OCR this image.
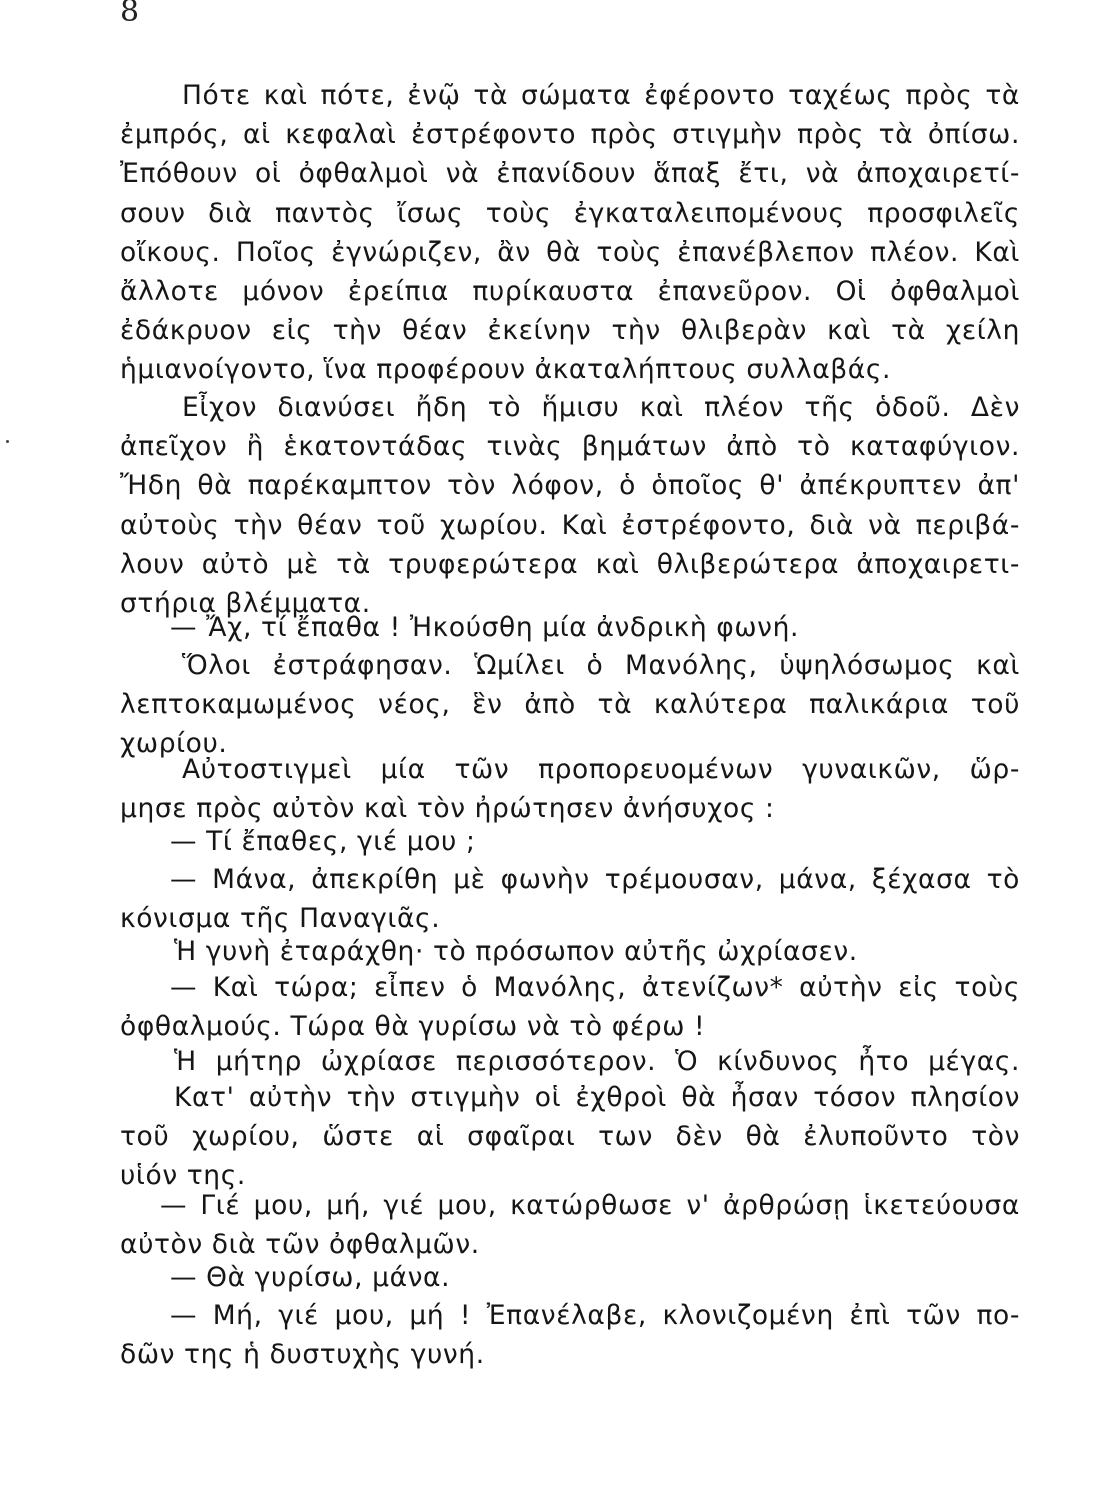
8
Πότε καὶ πότε, ἐνῷ τὰ σώματα ἐφέροντο ταχέως πρὸς τὰ
ἐμπρός, αἱ κεφαλαὶ ἐστρέφοντο πρὸς στιγμὴν πρὸς τὰ ὀπίσω.
Ἐπόθουν οἱ ὀφθαλμοὶ νὰ ἐπανίδουν ἅπαξ ἔτι, νὰ ἀποχαιρετί-
σουν διὰ παντὸς ἴσως τοὺς ἐγκαταλειπομένους προσφιλεῖς
οἴκους. Ποῖος ἐγνώριζεν, ἂν θὰ τοὺς ἐπανέβλεπον πλέον. Καὶ
ἄλλοτε μόνον ἐρείπια πυρίκαυστα ἐπανεῦρον. Οἱ ὀφθαλμοὶ
ἐδάκρυον εἰς τὴν θέαν ἐκείνην τὴν θλιβερὰν καὶ τὰ χείλη
ἡμιανοίγοντο, ἵνα προφέρουν ἀκαταλήπτους συλλαβάς.
Εἶχον διανύσει ἤδη τὸ ἥμισυ καὶ πλέον τῆς ὁδοῦ. Δὲν
ἀπεῖχον ἢ ἑκατοντάδας τινὰς βημάτων ἀπὸ τὸ καταφύγιον.
Ἤδη θὰ παρέκαμπτον τὸν λόφον, ὁ ὁποῖος θ' ἀπέκρυπτεν ἀπ'
αὐτοὺς τὴν θέαν τοῦ χωρίου. Καὶ ἐστρέφοντο, διὰ νὰ περιβά-
λουν αὐτὸ μὲ τὰ τρυφερώτερα καὶ θλιβερώτερα ἀποχαιρετι-
στήρια βλέμματα.
— Ἄχ, τί ἔπαθα ! Ἠκούσθη μία ἀνδρικὴ φωνή.
Ὅλοι ἐστράφησαν. Ὡμίλει ὁ Μανόλης, ὑψηλόσωμος καὶ
λεπτοκαμωμένος νέος, ἓν ἀπὸ τὰ καλύτερα παλικάρια τοῦ
χωρίου.
Αὐτοστιγμεὶ μία τῶν προπορευομένων γυναικῶν, ὥρ-
μησε πρὸς αὐτὸν καὶ τὸν ἠρώτησεν ἀνήσυχος :
— Τί ἔπαθες, γιέ μου ;
— Μάνα, ἀπεκρίθη μὲ φωνὴν τρέμουσαν, μάνα, ξέχασα τὸ
κόνισμα τῆς Παναγιᾶς.
Ἡ γυνὴ ἐταράχθη· τὸ πρόσωπον αὐτῆς ὠχρίασεν.
— Καὶ τώρα; εἶπεν ὁ Μανόλης, ἀτενίζων* αὐτὴν εἰς τοὺς
ὀφθαλμούς. Τώρα θὰ γυρίσω νὰ τὸ φέρω !
Ἡ μήτηρ ὠχρίασε περισσότερον. Ὁ κίνδυνος ἦτο μέγας.
Κατ' αὐτὴν τὴν στιγμὴν οἱ ἐχθροὶ θὰ ἦσαν τόσον πλησίον
τοῦ χωρίου, ὥστε αἱ σφαῖραι των δὲν θὰ ἐλυποῦντο τὸν
υἱόν της.
— Γιέ μου, μή, γιέ μου, κατώρθωσε ν' ἀρθρώσῃ ἱκετεύουσα
αὐτὸν διὰ τῶν ὀφθαλμῶν.
— Θὰ γυρίσω, μάνα.
— Μή, γιέ μου, μή ! Ἐπανέλαβε, κλονιζομένη ἐπὶ τῶν πο-
δῶν της ἡ δυστυχὴς γυνή.
